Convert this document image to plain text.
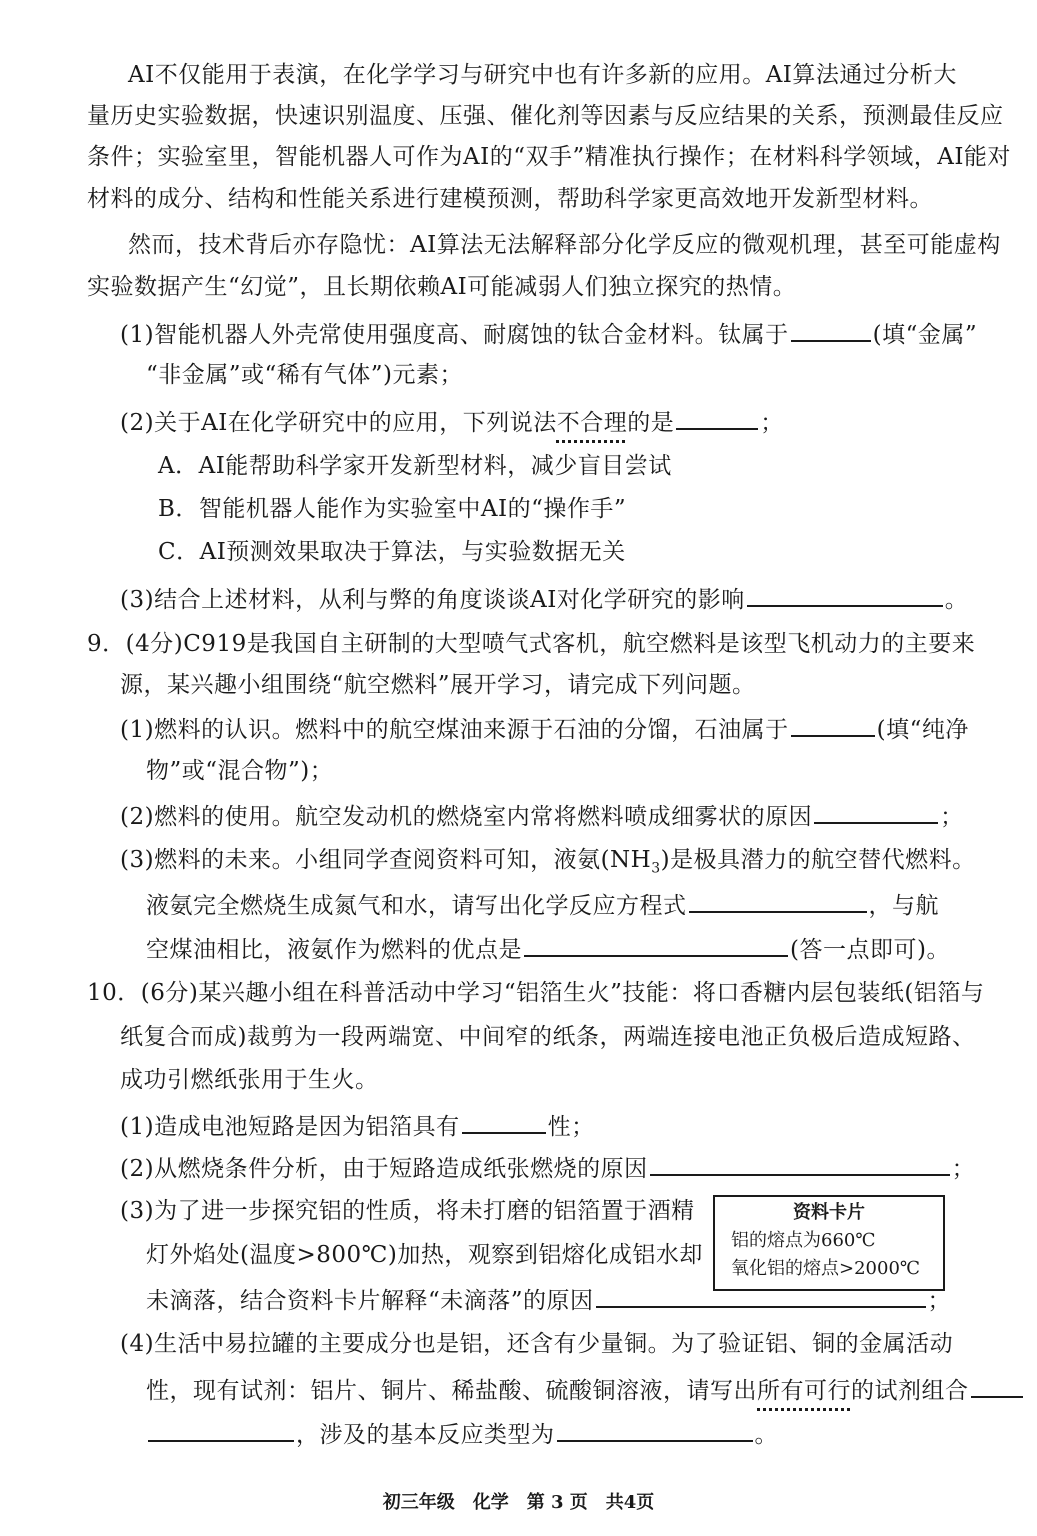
AI不仅能用于表演，在化学学习与研究中也有许多新的应用。AI算法通过分析大
量历史实验数据，快速识别温度、压强、催化剂等因素与反应结果的关系，预测最佳反应
条件；实验室里，智能机器人可作为AI的“双手”精准执行操作；在材料科学领域，AI能对
材料的成分、结构和性能关系进行建模预测，帮助科学家更高效地开发新型材料。
然而，技术背后亦存隐忧：AI算法无法解释部分化学反应的微观机理，甚至可能虚构
实验数据产生“幻觉”，且长期依赖AI可能减弱人们独立探究的热情。
(1)智能机器人外壳常使用强度高、耐腐蚀的钛合金材料。钛属于	(填“金属”
“非金属”或“稀有气体”)元素；
(2)关于AI在化学研究中的应用，下列说法不合理的是	；
A．AI能帮助科学家开发新型材料，减少盲目尝试
B．智能机器人能作为实验室中AI的“操作手”
C．AI预测效果取决于算法，与实验数据无关
(3)结合上述材料，从利与弊的角度谈谈AI对化学研究的影响	。
9．(4分)C919是我国自主研制的大型喷气式客机，航空燃料是该型飞机动力的主要来
源，某兴趣小组围绕“航空燃料”展开学习，请完成下列问题。
(1)燃料的认识。燃料中的航空煤油来源于石油的分馏，石油属于	(填“纯净
物”或“混合物”)；
(2)燃料的使用。航空发动机的燃烧室内常将燃料喷成细雾状的原因	；
(3)燃料的未来。小组同学查阅资料可知，液氨$(NH_3)$是极具潜力的航空替代燃料。
液氨完全燃烧生成氮气和水，请写出化学反应方程式	，与航
空煤油相比，液氨作为燃料的优点是	(答一点即可)。
10．(6分)某兴趣小组在科普活动中学习“铝箔生火”技能：将口香糖内层包装纸(铝箔与
纸复合而成)裁剪为一段两端宽、中间窄的纸条，两端连接电池正负极后造成短路、
成功引燃纸张用于生火。
(1)造成电池短路是因为铝箔具有	性；
(2)从燃烧条件分析，由于短路造成纸张燃烧的原因	；
(3)为了进一步探究铝的性质，将未打磨的铝箔置于酒精
灯外焰处(温度>800℃)加热，观察到铝熔化成铝水却
未滴落，结合资料卡片解释“未滴落”的原因	；
资料卡片
铝的熔点为660℃
氧化铝的熔点>2000℃
(4)生活中易拉罐的主要成分也是铝，还含有少量铜。为了验证铝、铜的金属活动
性，现有试剂：铝片、铜片、稀盐酸、硫酸铜溶液，请写出所有可行的试剂组合
，涉及的基本反应类型为	。
初三年级　化学　第 3 页　共4页
